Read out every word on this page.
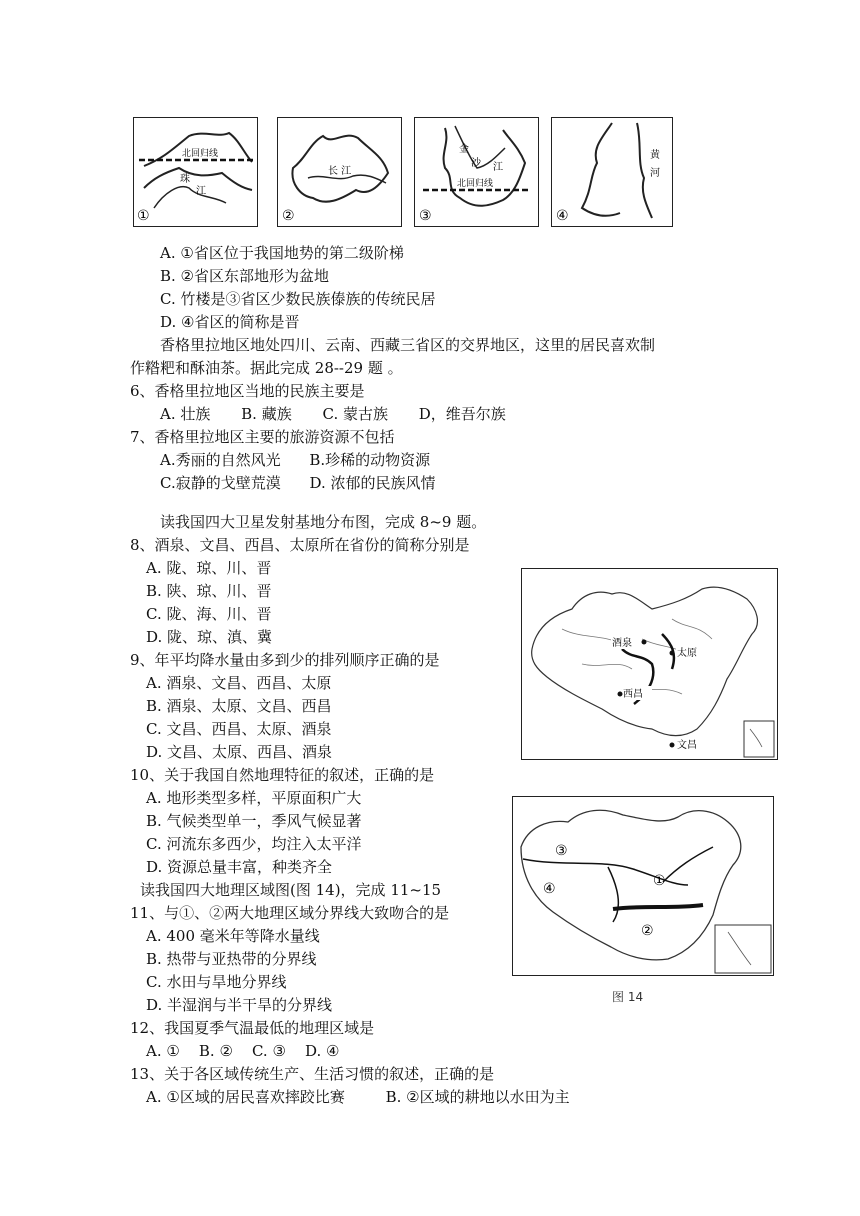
北回归线
珠
江
①
长 江
②
金
沙 江
北回归线
③
黄
河
④
A. ①省区位于我国地势的第二级阶梯
B. ②省区东部地形为盆地
C. 竹楼是③省区少数民族傣族的传统民居
D. ④省区的简称是晋
香格里拉地区地处四川、云南、西藏三省区的交界地区，这里的居民喜欢制
作糌粑和酥油茶。据此完成 28--29 题 。
6、香格里拉地区当地的民族主要是
A. 壮族 B. 藏族 C. 蒙古族 D，维吾尔族
7、香格里拉地区主要的旅游资源不包括
A.秀丽的自然风光 B.珍稀的动物资源
C.寂静的戈壁荒漠 D. 浓郁的民族风情
读我国四大卫星发射基地分布图，完成 8~9 题。
8、酒泉、文昌、西昌、太原所在省份的简称分别是
A. 陇、琼、川、晋
B. 陕、琼、川、晋
C. 陇、海、川、晋
D. 陇、琼、滇、冀
9、年平均降水量由多到少的排列顺序正确的是
A. 酒泉、文昌、西昌、太原
B. 酒泉、太原、文昌、西昌
C. 文昌、西昌、太原、酒泉
D. 文昌、太原、西昌、酒泉
10、关于我国自然地理特征的叙述，正确的是
A. 地形类型多样，平原面积广大
B. 气候类型单一，季风气候显著
C. 河流东多西少，均注入太平洋
D. 资源总量丰富，种类齐全
读我国四大地理区域图(图 14)，完成 11~15
11、与①、②两大地理区域分界线大致吻合的是
A. 400 毫米年等降水量线
B. 热带与亚热带的分界线
C. 水田与旱地分界线
D. 半湿润与半干旱的分界线
12、我国夏季气温最低的地理区域是
A. ①    B. ②    C. ③    D. ④
13、关于各区域传统生产、生活习惯的叙述，正确的是
A. ①区域的居民喜欢摔跤比赛	B. ②区域的耕地以水田为主
酒泉
太原
西昌
文昌
①
②
③
④
图 14
